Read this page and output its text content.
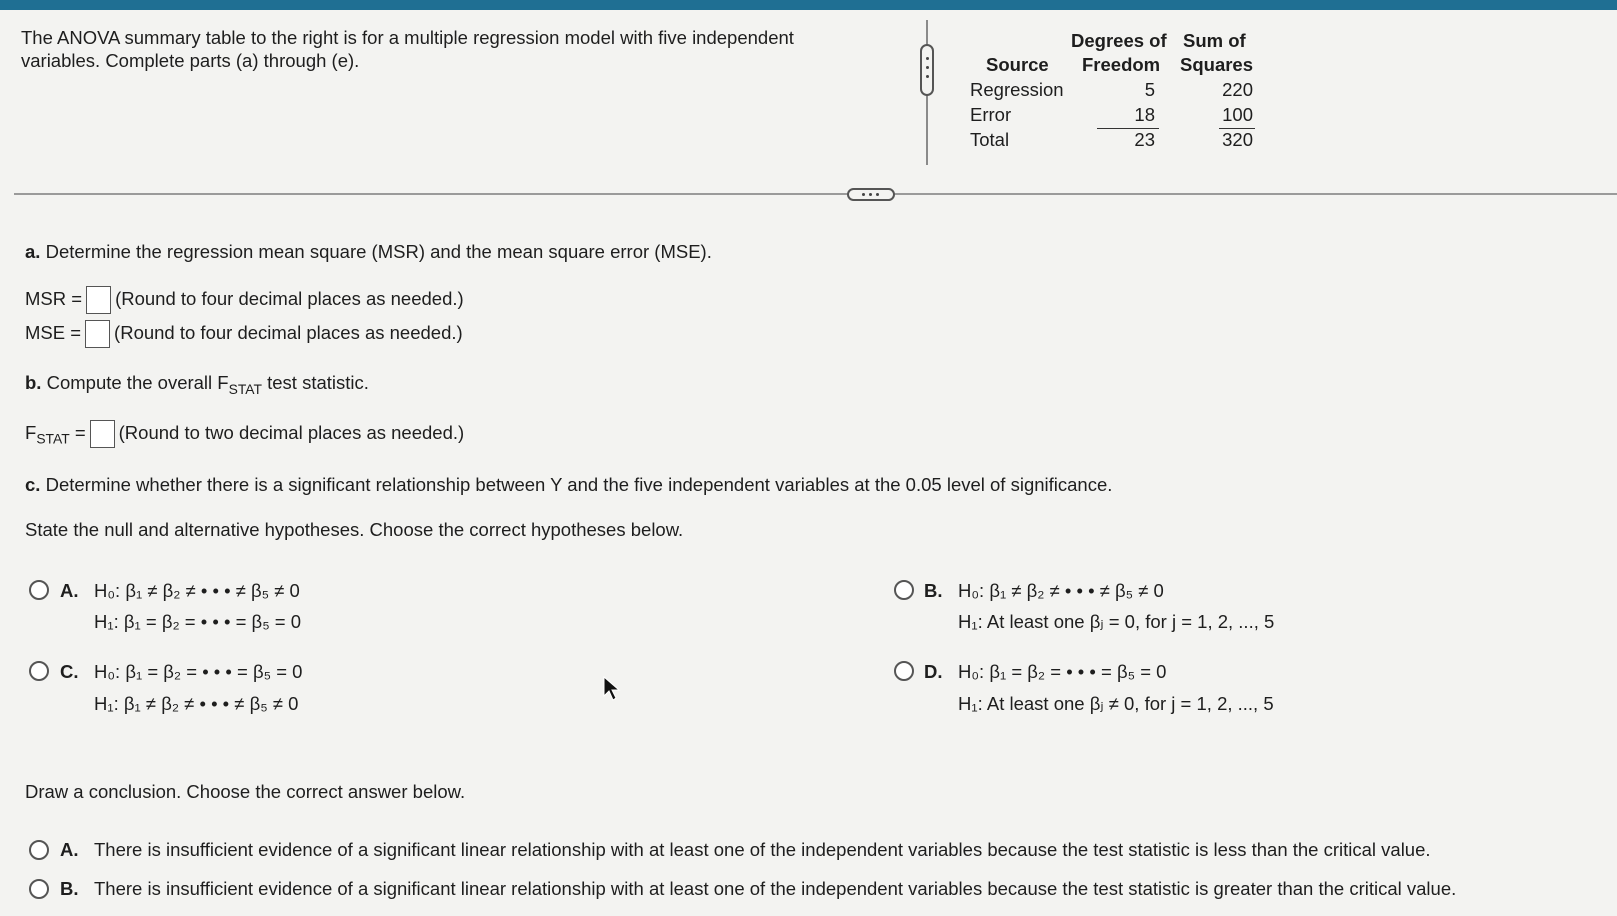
The ANOVA summary table to the right is for a multiple regression model with five independent variables. Complete parts (a) through (e).
Degrees of Sum of
Source Freedom Squares
Regression	5	220
Error	18	100
Total	23	320
a. Determine the regression mean square (MSR) and the mean square error (MSE).
MSR = (Round to four decimal places as needed.)
MSE = (Round to four decimal places as needed.)
b. Compute the overall $F_{STAT}$ test statistic.
$F_{STAT}$ = (Round to two decimal places as needed.)
c. Determine whether there is a significant relationship between Y and the five independent variables at the 0.05 level of significance.
State the null and alternative hypotheses. Choose the correct hypotheses below.
A. H₀: β₁ ≠ β₂ ≠ • • • ≠ β₅ ≠ 0
H₁: β₁ = β₂ = • • • = β₅ = 0
B. H₀: β₁ ≠ β₂ ≠ • • • ≠ β₅ ≠ 0
H₁: At least one βⱼ = 0, for j = 1, 2, ..., 5
C. H₀: β₁ = β₂ = • • • = β₅ = 0
H₁: β₁ ≠ β₂ ≠ • • • ≠ β₅ ≠ 0
D. H₀: β₁ = β₂ = • • • = β₅ = 0
H₁: At least one βⱼ ≠ 0, for j = 1, 2, ..., 5
Draw a conclusion. Choose the correct answer below.
A. There is insufficient evidence of a significant linear relationship with at least one of the independent variables because the test statistic is less than the critical value.
B. There is insufficient evidence of a significant linear relationship with at least one of the independent variables because the test statistic is greater than the critical value.
